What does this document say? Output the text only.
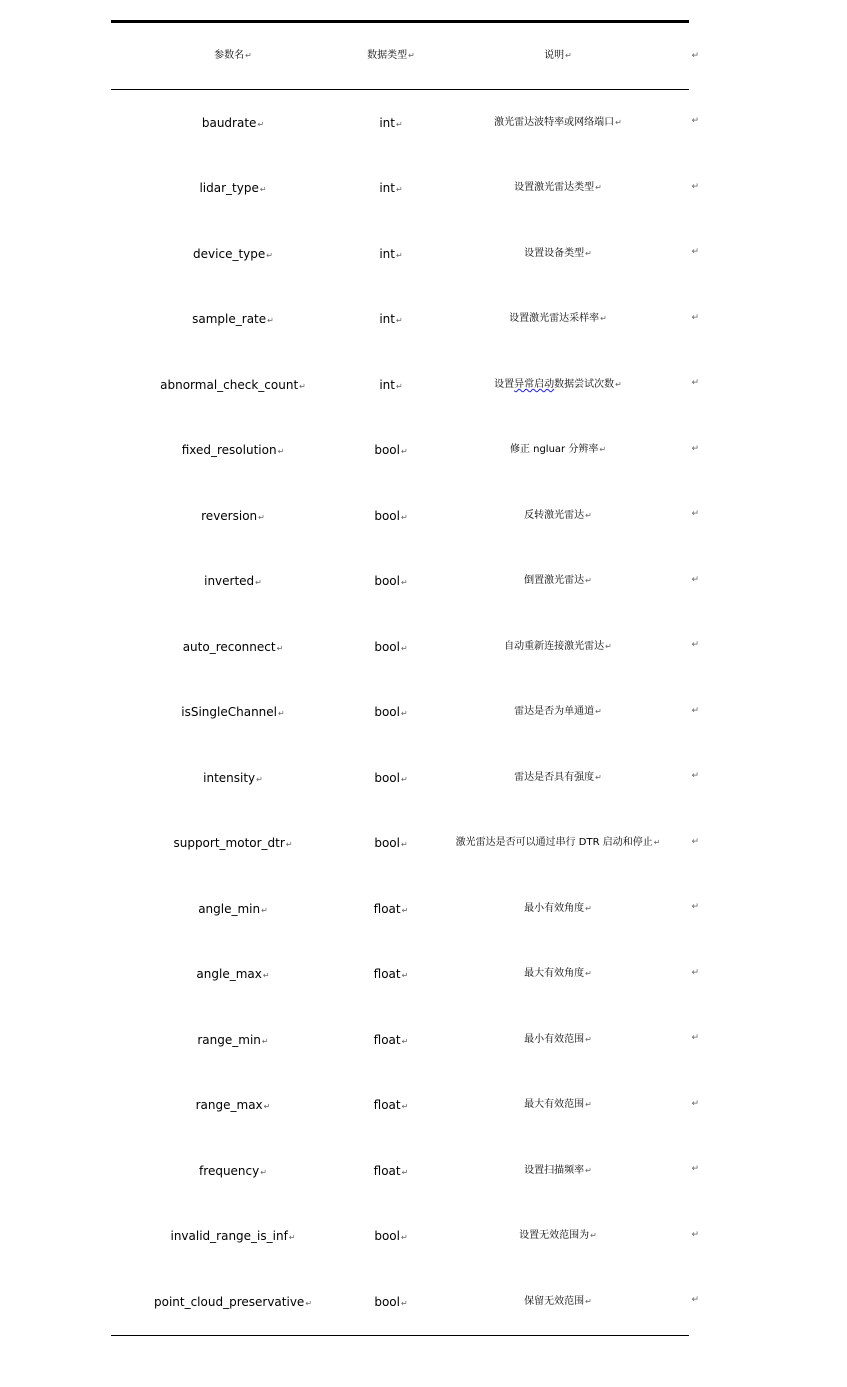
参数名↵	数据类型↵	说明↵	↵
baudrate↵	int↵	激光雷达波特率或网络端口↵	↵
lidar_type↵	int↵	设置激光雷达类型↵	↵
device_type↵	int↵	设置设备类型↵	↵
sample_rate↵	int↵	设置激光雷达采样率↵	↵
abnormal_check_count↵	int↵	设置异常启动数据尝试次数↵	↵
fixed_resolution↵	bool↵	修正 ngluar 分辨率↵	↵
reversion↵	bool↵	反转激光雷达↵	↵
inverted↵	bool↵	倒置激光雷达↵	↵
auto_reconnect↵	bool↵	自动重新连接激光雷达↵	↵
isSingleChannel↵	bool↵	雷达是否为单通道↵	↵
intensity↵	bool↵	雷达是否具有强度↵	↵
support_motor_dtr↵	bool↵	激光雷达是否可以通过串行 DTR 启动和停止↵	↵
angle_min↵	float↵	最小有效角度↵	↵
angle_max↵	float↵	最大有效角度↵	↵
range_min↵	float↵	最小有效范围↵	↵
range_max↵	float↵	最大有效范围↵	↵
frequency↵	float↵	设置扫描频率↵	↵
invalid_range_is_inf↵	bool↵	设置无效范围为↵	↵
point_cloud_preservative↵	bool↵	保留无效范围↵	↵
